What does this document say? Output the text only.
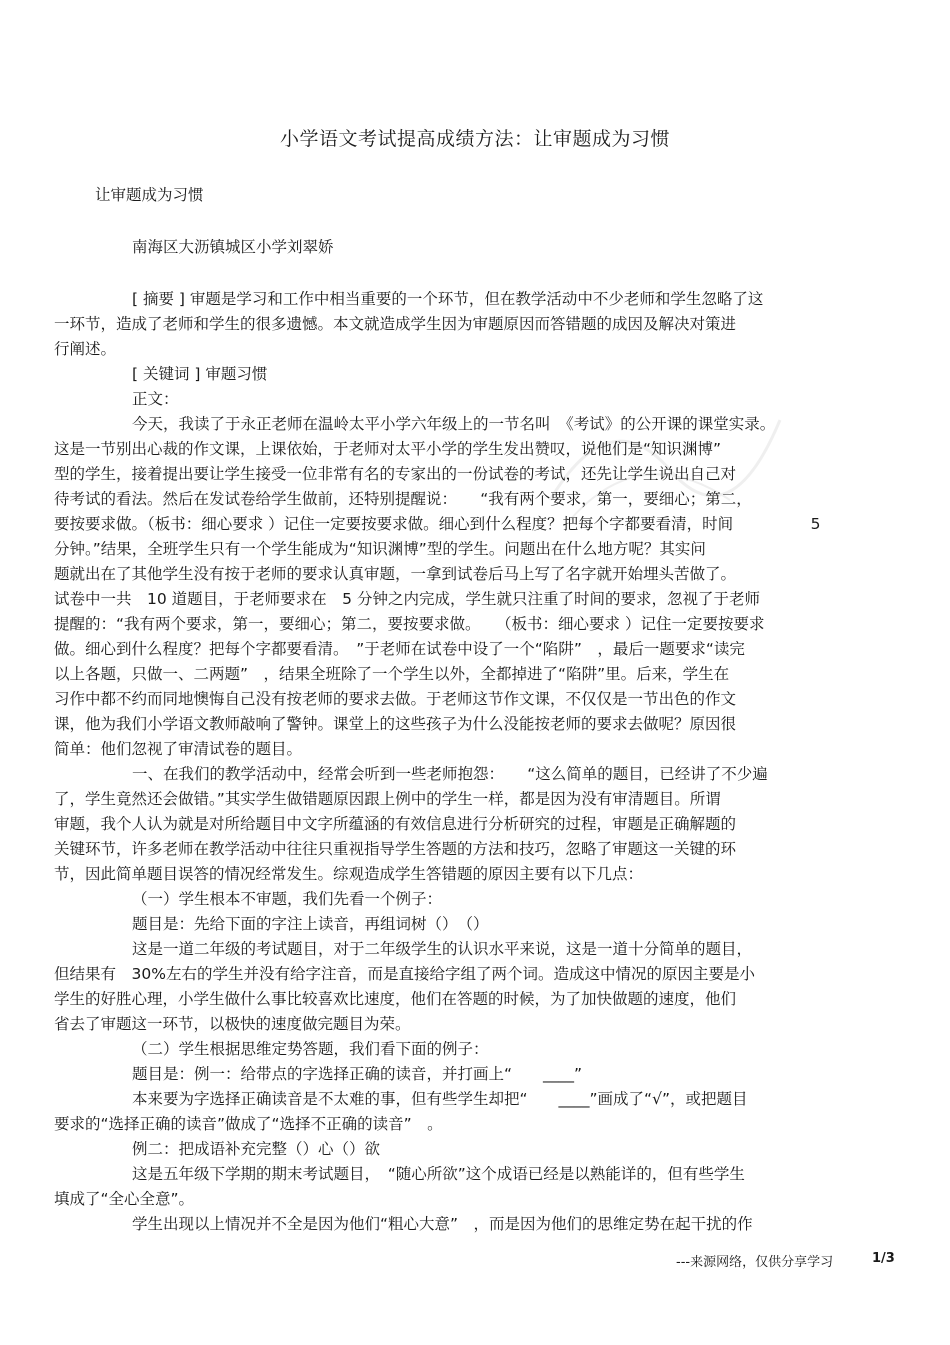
小学语文考试提高成绩方法：让审题成为习惯
让审题成为习惯
南海区大沥镇城区小学刘翠娇
[ 摘要 ] 审题是学习和工作中相当重要的一个环节，但在教学活动中不少老师和学生忽略了这
一环节，造成了老师和学生的很多遗憾。本文就造成学生因为审题原因而答错题的成因及解决对策进
行阐述。
[ 关键词 ] 审题习惯
正文：
今天，我读了于永正老师在温岭太平小学六年级上的一节名叫　《考试》的公开课的课堂实录。
这是一节别出心裁的作文课，上课依始，于老师对太平小学的学生发出赞叹，说他们是“知识渊博”
型的学生，接着提出要让学生接受一位非常有名的专家出的一份试卷的考试，还先让学生说出自己对
待考试的看法。然后在发试卷给学生做前，还特别提醒说：　　“我有两个要求，第一，要细心；第二，
要按要求做。（板书：细心要求 ）记住一定要按要求做。细心到什么程度？把每个字都要看清，时间　　　　　5
分钟。”结果，全班学生只有一个学生能成为“知识渊博”型的学生。问题出在什么地方呢？其实问
题就出在了其他学生没有按于老师的要求认真审题，一拿到试卷后马上写了名字就开始埋头苦做了。
试卷中一共　10 道题目，于老师要求在　5 分钟之内完成，学生就只注重了时间的要求，忽视了于老师
提醒的：“我有两个要求，第一，要细心；第二，要按要求做。　　（板书：细心要求 ）记住一定要按要求
做。细心到什么程度？把每个字都要看清。　”于老师在试卷中设了一个“陷阱”　，最后一题要求“读完
以上各题，只做一、二两题”　，结果全班除了一个学生以外，全都掉进了“陷阱”里。后来，学生在
习作中都不约而同地懊悔自己没有按老师的要求去做。于老师这节作文课，不仅仅是一节出色的作文
课，他为我们小学语文教师敲响了警钟。课堂上的这些孩子为什么没能按老师的要求去做呢？原因很
简单：他们忽视了审清试卷的题目。
一、在我们的教学活动中，经常会听到一些老师抱怨：　　“这么简单的题目，已经讲了不少遍
了，学生竟然还会做错。”其实学生做错题原因跟上例中的学生一样，都是因为没有审清题目。所谓
审题，我个人认为就是对所给题目中文字所蕴涵的有效信息进行分析研究的过程，审题是正确解题的
关键环节，许多老师在教学活动中往往只重视指导学生答题的方法和技巧，忽略了审题这一关键的环
节，因此简单题目误答的情况经常发生。综观造成学生答错题的原因主要有以下几点：
（一）学生根本不审题，我们先看一个例子：
题目是：先给下面的字注上读音，再组词树（）　（）
这是一道二年级的考试题目，对于二年级学生的认识水平来说，这是一道十分简单的题目，
但结果有　30%左右的学生并没有给字注音，而是直接给字组了两个词。造成这中情况的原因主要是小
学生的好胜心理，小学生做什么事比较喜欢比速度，他们在答题的时候，为了加快做题的速度，他们
省去了审题这一环节，以极快的速度做完题目为荣。
（二）学生根据思维定势答题，我们看下面的例子：
题目是：例一：给带点的字选择正确的读音，并打画上“　　____”
本来要为字选择正确读音是不太难的事，但有些学生却把“　　____”画成了“√”，或把题目
要求的“选择正确的读音”做成了“选择不正确的读音”　。
例二：把成语补充完整（）心（）欲
这是五年级下学期的期末考试题目，　“随心所欲”这个成语已经是以熟能详的，但有些学生
填成了“全心全意”。
学生出现以上情况并不全是因为他们“粗心大意”　，而是因为他们的思维定势在起干扰的作
---来源网络，仅供分享学习	1/3
